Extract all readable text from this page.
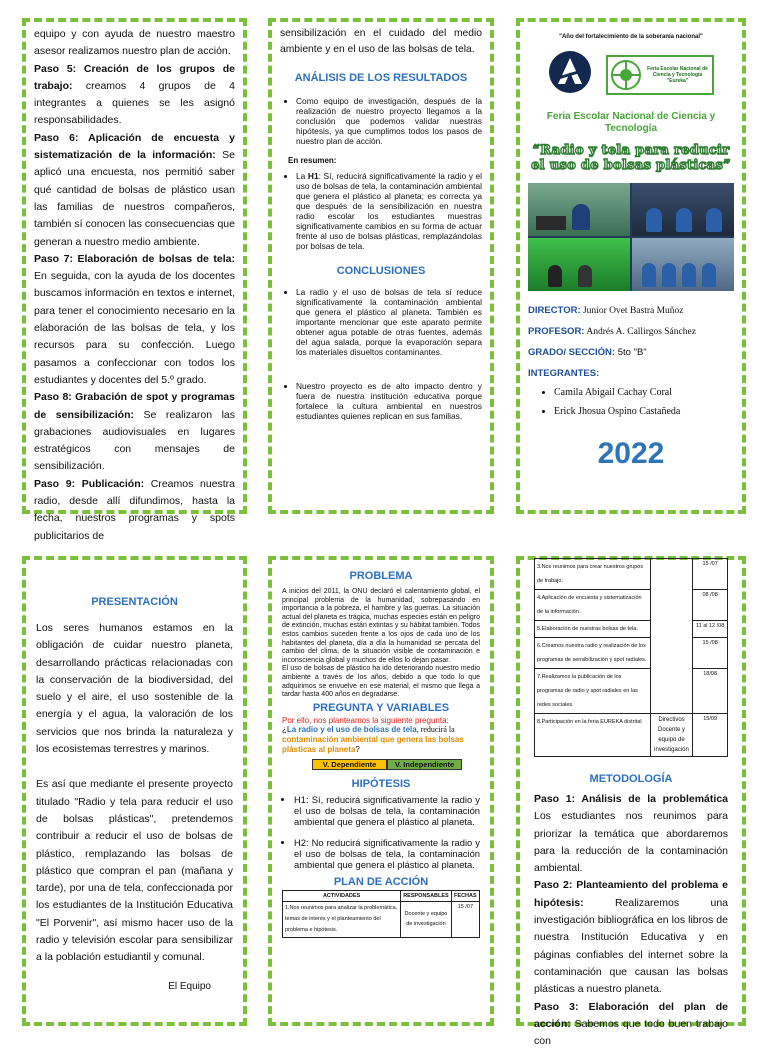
equipo y con ayuda de nuestro maestro asesor realizamos nuestro plan de acción.

Paso 5: Creación de los grupos de trabajo: creamos 4 grupos de 4 integrantes a quienes se les asignó responsabilidades.

Paso 6: Aplicación de encuesta y sistematización de la información: Se aplicó una encuesta, nos permitió saber qué cantidad de bolsas de plástico usan las familias de nuestros compañeros, también sí conocen las consecuencias que generan a nuestro medio ambiente.

Paso 7: Elaboración de bolsas de tela: En seguida, con la ayuda de los docentes buscamos información en textos e internet, para tener el conocimiento necesario en la elaboración de las bolsas de tela, y los recursos para su confección. Luego pasamos a confeccionar con todos los estudiantes y docentes del 5.º grado.

Paso 8: Grabación de spot y programas de sensibilización: Se realizaron las grabaciones audiovisuales en lugares estratégicos con mensajes de sensibilización.

Paso 9: Publicación: Creamos nuestra radio, desde allí difundimos, hasta la fecha, nuestros programas y spots publicitarios de

sensibilización en el cuidado del medio ambiente y en el uso de las bolsas de tela.
ANÁLISIS DE LOS RESULTADOS
• Como equipo de investigación, después de la realización de nuestro proyecto llegamos a la conclusión que podemos validar nuestras hipótesis, ya que cumplimos todos los pasos de nuestro plan de acción.
En resumen:
• La H1: Sí, reducirá significativamente la radio y el uso de bolsas de tela, la contaminación ambiental que genera el plástico al planeta; es correcta ya que después de la sensibilización en nuestra radio escolar los estudiantes muestras significativamente cambios en su forma de actuar frente al uso de bolsas plásticas, remplazándolas por bolsas de tela.
CONCLUSIONES
• La radio y el uso de bolsas de tela sí reduce significativamente la contaminación ambiental que genera el plástico al planeta. También es importante mencionar que este aparato permite obtener agua potable de otras fuentes, además del agua salada, porque la evaporación separa los materiales disueltos contaminantes.
• Nuestro proyecto es de alto impacto dentro y fuera de nuestra institución educativa porque fortalece la cultura ambiental en nuestros estudiantes quienes replican en sus familias.
"Año del fortalecimiento de la soberanía nacional"
Feria Escolar Nacional de Ciencia y Tecnología "Eureka"
Feria Escolar Nacional de Ciencia y Tecnología
“Radio y tela para reducir el uso de bolsas plásticas”
DIRECTOR: Junior Ovet Bastra Muñoz
PROFESOR: Andrés A. Callirgos Sánchez
GRADO/ SECCIÓN: 5to "B"
INTEGRANTES:
• Camila Abigail Cachay Coral
• Erick Jhosua Ospino Castañeda
2022
PRESENTACIÓN

Los seres humanos estamos en la obligación de cuidar nuestro planeta, desarrollando prácticas relacionadas con la conservación de la biodiversidad, del suelo y el aire, el uso sostenible de la energía y el agua, la valoración de los servicios que nos brinda la naturaleza y los ecosistemas terrestres y marinos.

Es así que mediante el presente proyecto titulado "Radio y tela para reducir el uso de bolsas plásticas", pretendemos contribuir a reducir el uso de bolsas de plástico, remplazando las bolsas de plástico que compran el pan (mañana y tarde), por una de tela, confeccionada por los estudiantes de la Institución Educativa "El Porvenir", así mismo hacer uso de la radio y televisión escolar para sensibilizar a la población estudiantil y comunal.

El Equipo
PROBLEMA

A inicios del 2011, la ONU declaró el calentamiento global, el principal problema de la humanidad, sobrepasando en importancia a la pobreza, el hambre y las guerras. La situación actual del planeta es trágica, muchas especies están en peligro de extinción, muchas están extintas y su hábitat también. Todos estos cambios suceden frente a los ojos de cada uno de los habitantes del planeta, día a día la humanidad se percata del cambio del clima, de la situación visible de contaminación e inconsciencia global y muchos de ellos lo dejan pasar.

El uso de bolsas de plástico ha ido deteriorando nuestro medio ambiente a través de los años, debido a que todo lo que adquirimos se envuelve en ese material, el mismo que llega a tardar hasta 400 años en degradarse.

PREGUNTA Y VARIABLES
Por ello, nos planteamos la siguiente pregunta:
¿La radio y el uso de bolsas de tela, reducirá la contaminación ambiental que genera las bolsas plásticas al planeta?
V. Dependiente	V. Independiente
HIPÓTESIS
• H1: Sí, reducirá significativamente la radio y el uso de bolsas de tela, la contaminación ambiental que genera el plástico al planeta.
• H2: No reducirá significativamente la radio y el uso de bolsas de tela, la contaminación ambiental que genera el plástico al planeta.
PLAN DE ACCIÓN
ACTIVIDADES	RESPONSABLES	FECHAS
1.Nos reunimos para analizar la problemática, temas de interés y el planteamiento del problema e hipótesis.	Docente y equipo de investigación	15 /07
3.Nos reunimos para crear nuestros grupos de trabajo.		15 /07
4.Aplicación de encuesta y sistematización de la información.		08 /08
5.Elaboración de nuestras bolsas de tela.		11 al 12 /08
6.Creamos nuestra radio y realización de los programas de sensibilización y spot radiales.		15 /08
7.Realizamos la publicación de los programas de radio y spot radiales en las redes sociales.		18/08
8.Participación en la feria EUREKA distrital	Directivos Docente y equipo de investigación	15/09
METODOLOGÍA

Paso 1: Análisis de la problemática Los estudiantes nos reunimos para priorizar la temática que abordaremos para la reducción de la contaminación ambiental.

Paso 2: Planteamiento del problema e hipótesis: Realizaremos una investigación bibliográfica en los libros de nuestra Institución Educativa y en páginas confiables del internet sobre la contaminación que causan las bolsas plásticas a nuestro planeta.

Paso 3: Elaboración del plan de acción: Sabemos que todo buen trabajo con
